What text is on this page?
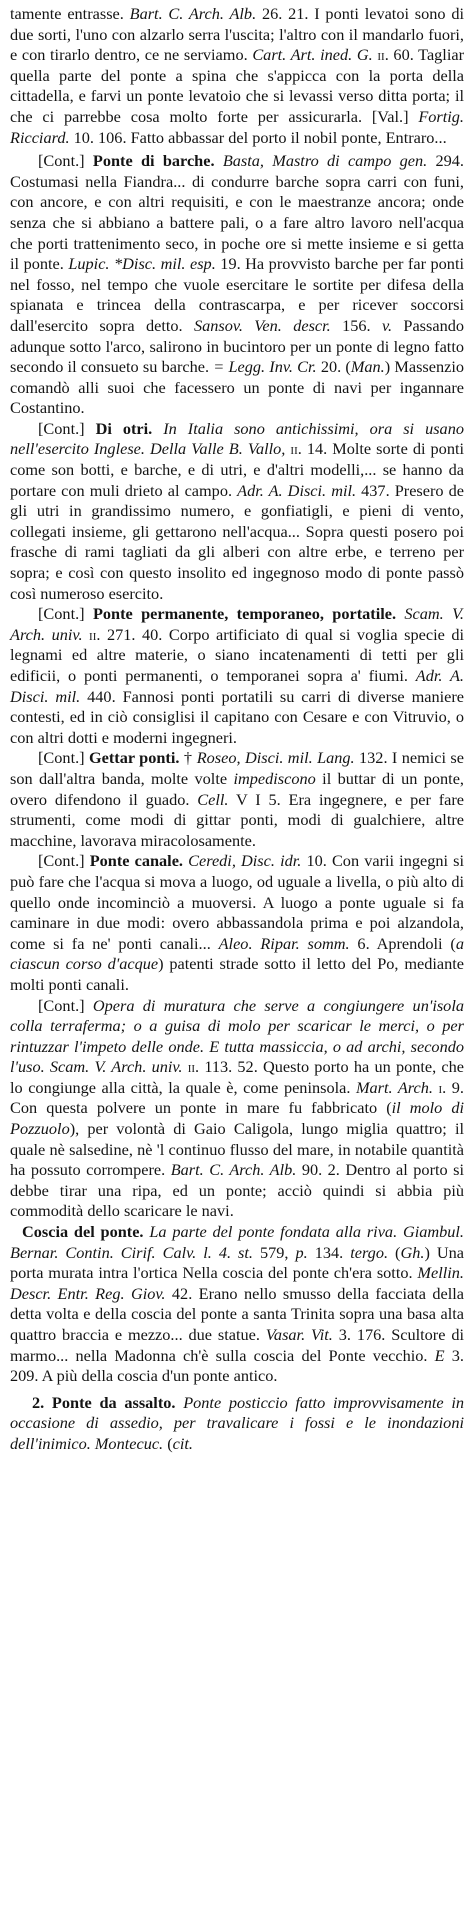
tamente entrasse. Bart. C. Arch. Alb. 26. 21. I ponti levatoi sono di due sorti, l'uno con alzarlo serra l'uscita; l'altro con il mandarlo fuori, e con tirarlo dentro, ce ne serviamo. Cart. Art. ined. G. ii. 60. Tagliar quella parte del ponte a spina che s'appicca con la porta della cittadella, e farvi un ponte levatoio che si levassi verso ditta porta; il che ci parrebbe cosa molto forte per assicurarla. [Val.] Fortig. Ricciard. 10. 106. Fatto abbassar del porto il nobil ponte, Entraro...

[Cont.] Ponte di barche. Basta, Mastro di campo gen. 294. Costumasi nella Fiandra... di condurre barche sopra carri con funi, con ancore, e con altri requisiti, e con le maestranze ancora; onde senza che si abbiano a battere pali, o a fare altro lavoro nell'acqua che porti trattenimento seco, in poche ore si mette insieme e si getta il ponte. Lupic. *Disc. mil. esp. 19. Ha provvisto barche per far ponti nel fosso, nel tempo che vuole esercitare le sortite per difesa della spianata e trincea della contrascarpa, e per ricever soccorsi dall'esercito sopra detto. Sansov. Ven. descr. 156. v. Passando adunque sotto l'arco, salirono in bucintoro per un ponte di legno fatto secondo il consueto su barche. = Legg. Inv. Cr. 20. (Man.) Massenzio comandò alli suoi che facessero un ponte di navi per ingannare Costantino.

[Cont.] Di otri. In Italia sono antichissimi, ora si usano nell'esercito Inglese. Della Valle B. Vallo, ii. 14. Molte sorte di ponti come son botti, e barche, e di utri, e d'altri modelli,... se hanno da portare con muli drieto al campo. Adr. A. Disci. mil. 437. Presero de gli utri in grandissimo numero, e gonfiatigli, e pieni di vento, collegati insieme, gli gettarono nell'acqua... Sopra questi posero poi frasche di rami tagliati da gli alberi con altre erbe, e terreno per sopra; e così con questo insolito ed ingegnoso modo di ponte passò così numeroso esercito.

[Cont.] Ponte permanente, temporaneo, portatile. Scam. V. Arch. univ. ii. 271. 40. Corpo artificiato di qual si voglia specie di legnami ed altre materie, o siano incatenamenti di tetti per gli edificii, o ponti permanenti, o temporanei sopra a' fiumi. Adr. A. Disci. mil. 440. Fannosi ponti portatili su carri di diverse maniere contesti, ed in ciò consiglisi il capitano con Cesare e con Vitruvio, o con altri dotti e moderni ingegneri.

[Cont.] Gettar ponti. † Roseo, Disci. mil. Lang. 132. I nemici se son dall'altra banda, molte volte impediscono il buttar di un ponte, overo difendono il guado. Cell. V I 5. Era ingegnere, e per fare strumenti, come modi di gittar ponti, modi di gualchiere, altre macchine, lavorava miracolosamente.

[Cont.] Ponte canale. Ceredi, Disc. idr. 10. Con varii ingegni si può fare che l'acqua si mova a luogo, od uguale a livella, o più alto di quello onde incominciò a muoversi. A luogo a ponte uguale si fa caminare in due modi: overo abbassandola prima e poi alzandola, come si fa ne' ponti canali... Aleo. Ripar. somm. 6. Aprendoli (a ciascun corso d'acque) patenti strade sotto il letto del Po, mediante molti ponti canali.

[Cont.] Opera di muratura che serve a congiungere un'isola colla terraferma; o a guisa di molo per scaricar le merci, o per rintuzzar l'impeto delle onde. E tutta massiccia, o ad archi, secondo l'uso. Scam. V. Arch. univ. ii. 113. 52. Questo porto ha un ponte, che lo congiunge alla città, la quale è, come peninsola. Mart. Arch. i. 9. Con questa polvere un ponte in mare fu fabbricato (il molo di Pozzuolo), per volontà di Gaio Caligola, lungo miglia quattro; il quale nè salsedine, nè 'l continuo flusso del mare, in notabile quantità ha possuto corrompere. Bart. C. Arch. Alb. 90. 2. Dentro al porto si debbe tirar una ripa, ed un ponte; acciò quindi si abbia più commodità dello scaricare le navi.

Coscia del ponte. La parte del ponte fondata alla riva. Giambul. Bernar. Contin. Cirif. Calv. l. 4. st. 579, p. 134. tergo. (Gh.) Una porta murata intra l'ortica Nella coscia del ponte ch'era sotto. Mellin. Descr. Entr. Reg. Giov. 42. Erano nello smusso della facciata della detta volta e della coscia del ponte a santa Trinita sopra una basa alta quattro braccia e mezzo... due statue. Vasar. Vit. 3. 176. Scultore di marmo... nella Madonna ch'è sulla coscia del Ponte vecchio. E 3. 209. A più della coscia d'un ponte antico.

2. Ponte da assalto. Ponte posticcio fatto improvvisamente in occasione di assedio, per travalicare i fossi e le inondazioni dell'inimico. Montecuc. (cit.
